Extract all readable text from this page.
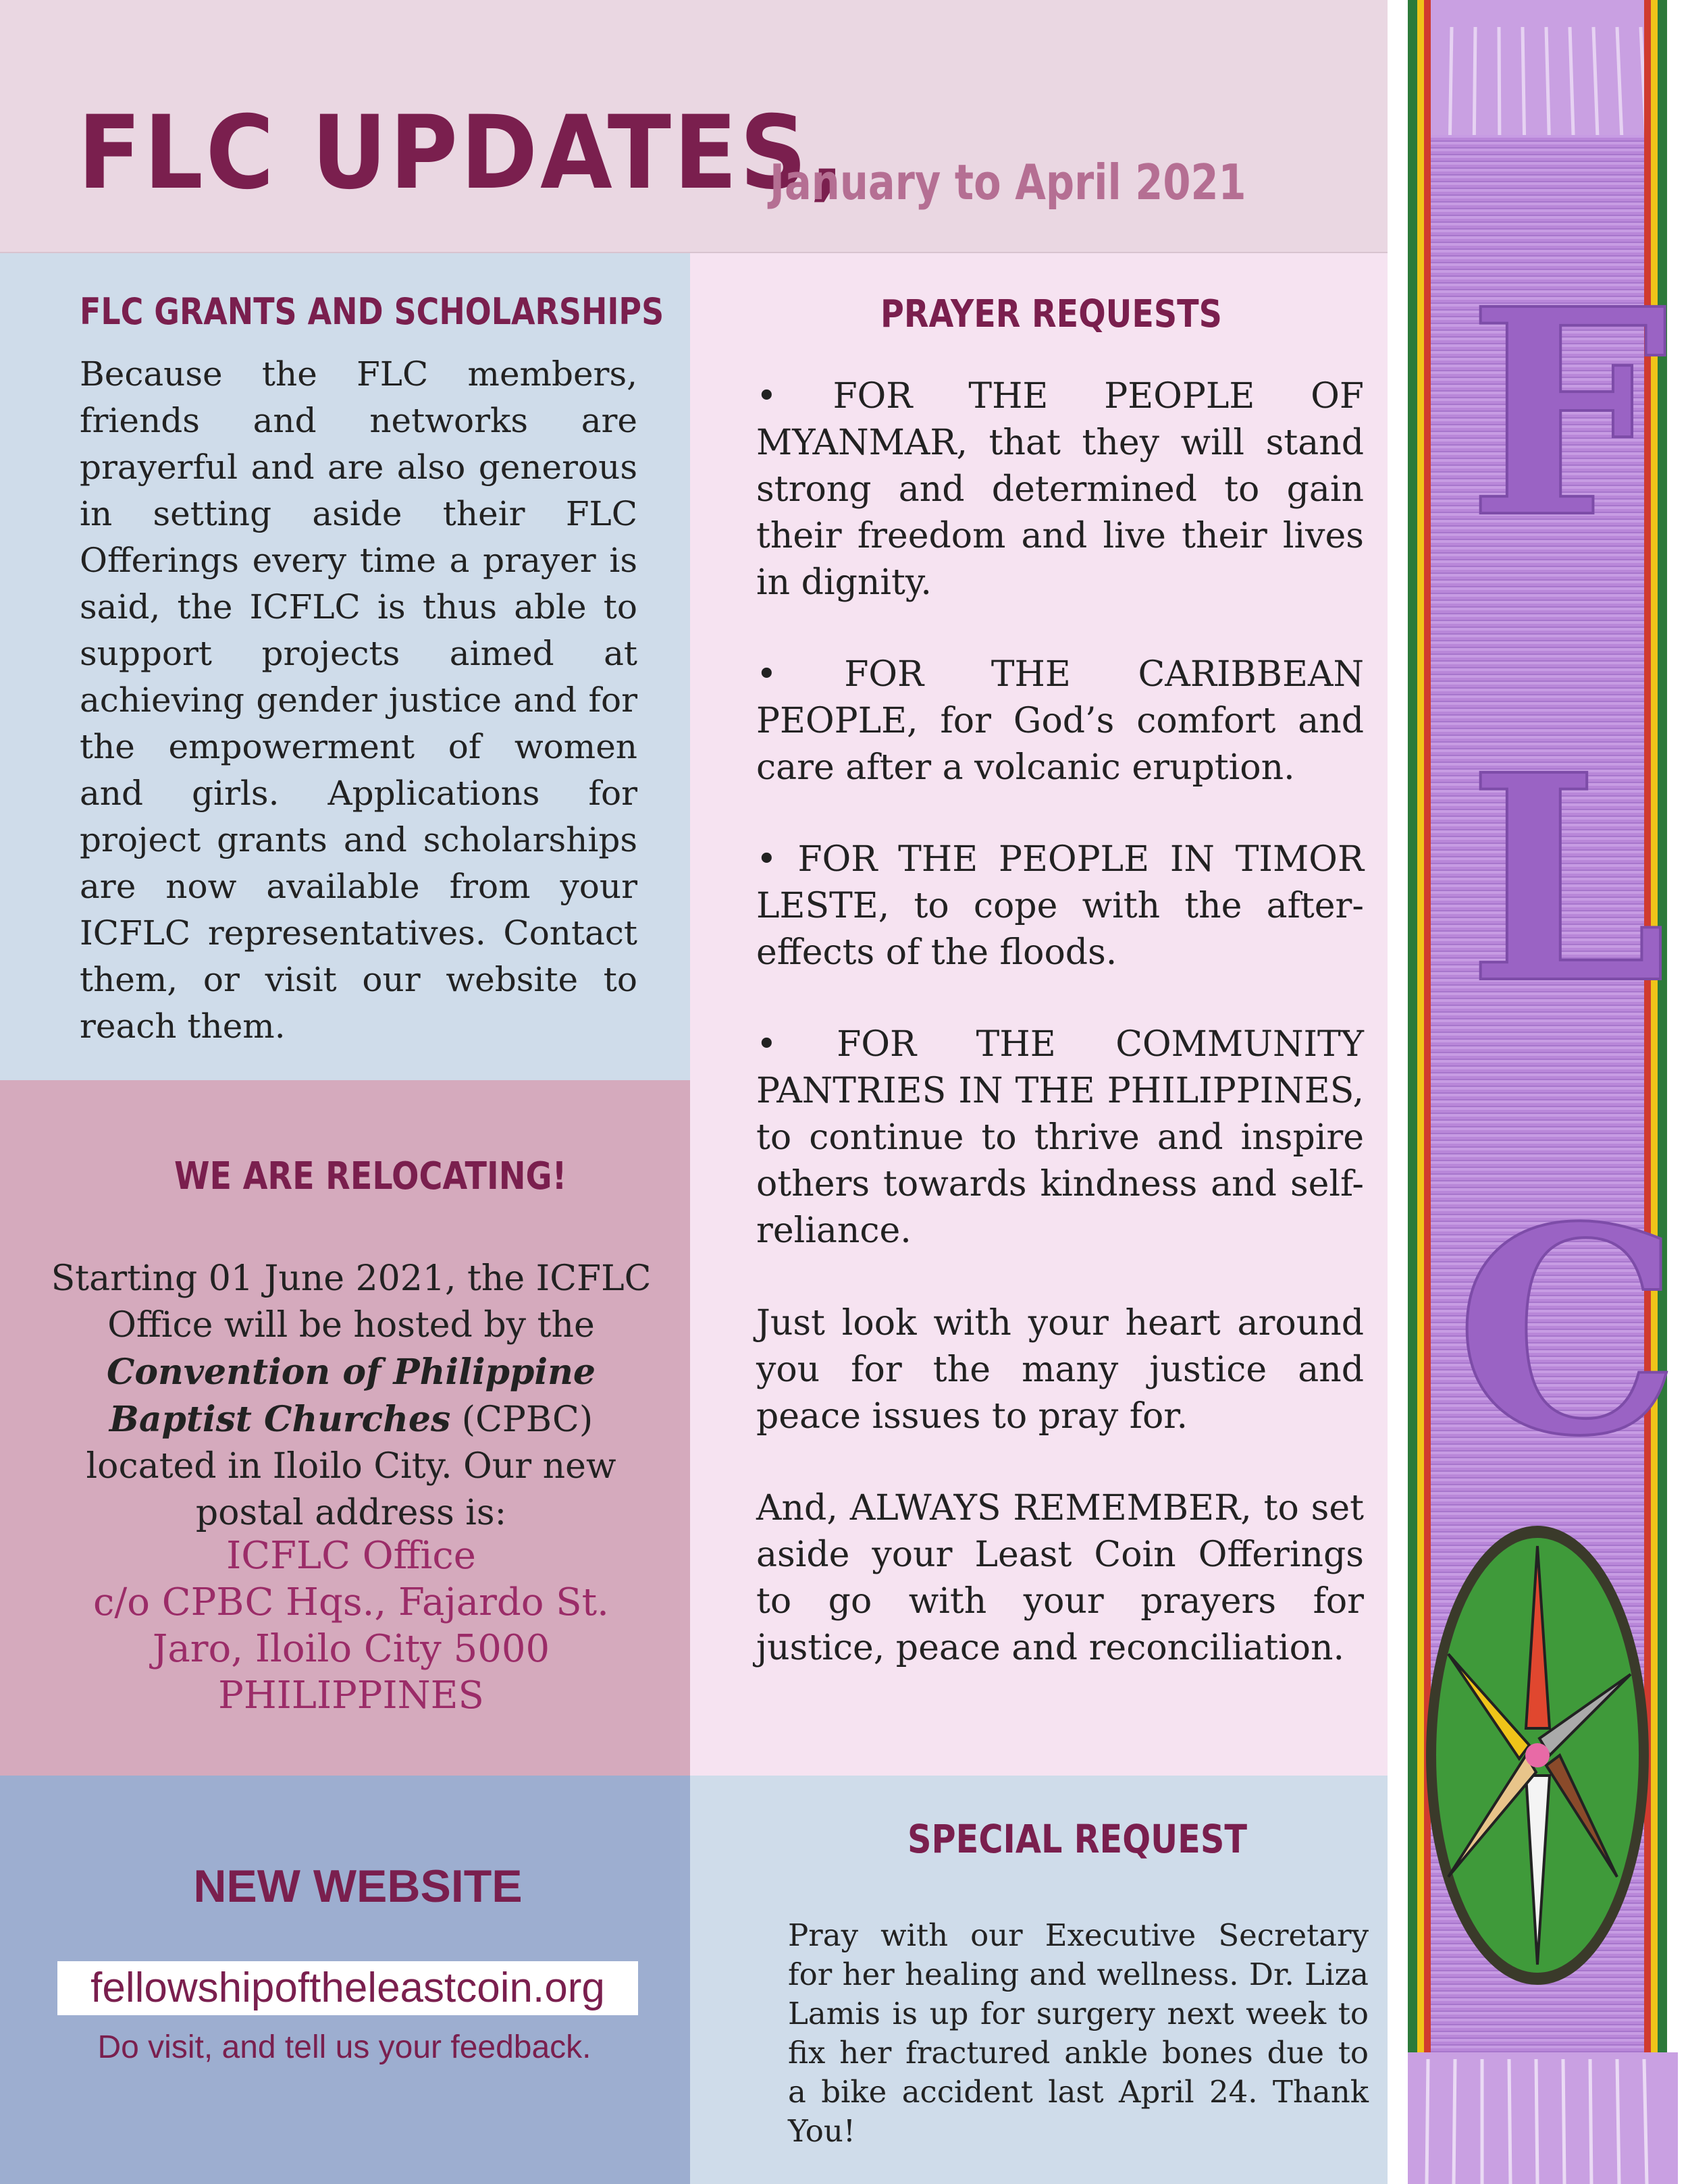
FLC UPDATES,
January to April 2021
FLC GRANTS AND SCHOLARSHIPS
Because the FLC members, friends and networks are prayerful and are also generous in setting aside their FLC Offerings every time a prayer is said, the ICFLC is thus able to support projects aimed at achieving gender justice and for the empowerment of women and girls. Applications for project grants and scholarships are now available from your ICFLC representatives. Contact them, or visit our website to reach them.
WE ARE RELOCATING!
Starting 01 June 2021, the ICFLC Office will be hosted by the Convention of Philippine Baptist Churches (CPBC) located in Iloilo City. Our new postal address is:
ICFLC Office
c/o CPBC Hqs., Fajardo St.
Jaro, Iloilo City 5000
PHILIPPINES
NEW WEBSITE
fellowshipoftheleastcoin.org
Do visit, and tell us your feedback.
PRAYER REQUESTS
• FOR THE PEOPLE OF MYANMAR, that they will stand strong and determined to gain their freedom and live their lives in dignity.
• FOR THE CARIBBEAN PEOPLE, for God’s comfort and care after a volcanic eruption.
• FOR THE PEOPLE IN TIMOR LESTE, to cope with the after-effects of the floods.
• FOR THE COMMUNITY PANTRIES IN THE PHILIPPINES, to continue to thrive and inspire others towards kindness and self-reliance.
Just look with your heart around you for the many justice and peace issues to pray for.
And, ALWAYS REMEMBER, to set aside your Least Coin Offerings to go with your prayers for justice, peace and reconciliation.
SPECIAL REQUEST
Pray with our Executive Secretary for her healing and wellness. Dr. Liza Lamis is up for surgery next week to fix her fractured ankle bones due to a bike accident last April 24. Thank You!
F
L
C
